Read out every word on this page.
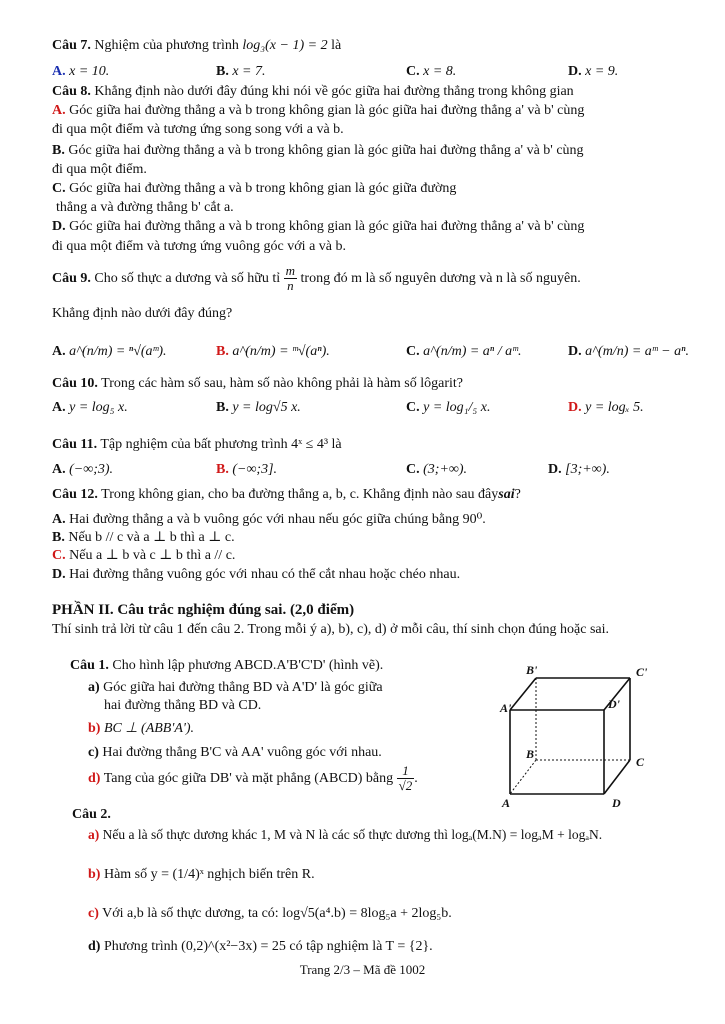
Câu 7. Nghiệm của phương trình log₃(x − 1) = 2 là
A. x = 10.	B. x = 7.	C. x = 8.	D. x = 9.
Câu 8. Khẳng định nào dưới đây đúng khi nói về góc giữa hai đường thẳng trong không gian
A. Góc giữa hai đường thẳng a và b trong không gian là góc giữa hai đường thẳng a' và b' cùng
đi qua một điểm và tương ứng song song với a và b.
B. Góc giữa hai đường thẳng a và b trong không gian là góc giữa hai đường thẳng a' và b' cùng
đi qua một điểm.
C. Góc giữa hai đường thẳng a và b trong không gian là góc giữa đường
thẳng a và đường thẳng b' cắt a.
D. Góc giữa hai đường thẳng a và b trong không gian là góc giữa hai đường thẳng a' và b' cùng
đi qua một điểm và tương ứng vuông góc với a và b.
Câu 9. Cho số thực a dương và số hữu tỉ $\frac{m}{n}$ trong đó m là số nguyên dương và n là số nguyên.
Khẳng định nào dưới đây đúng?
A. a^(n/m) = ⁿ√(aᵐ).	B. a^(n/m) = ᵐ√(aⁿ).	C. a^(n/m) = aⁿ / aᵐ.	D. a^(m/n) = aᵐ − aⁿ.
Câu 10. Trong các hàm số sau, hàm số nào không phải là hàm số lôgarit?
A. y = log₅ x.	B. y = log√5 x.	C. y = log₁/₅ x.	D. y = logₓ 5.
Câu 11. Tập nghiệm của bất phương trình 4ˣ ≤ 4³ là
A. (−∞;3).	B. (−∞;3].	C. (3;+∞).	D. [3;+∞).
Câu 12. Trong không gian, cho ba đường thẳng a, b, c. Khẳng định nào sau đâysai?
A. Hai đường thẳng a và b vuông góc với nhau nếu góc giữa chúng bằng 90⁰.
B. Nếu b // c và a ⊥ b thì a ⊥ c.
C. Nếu a ⊥ b và c ⊥ b thì a // c.
D. Hai đường thẳng vuông góc với nhau có thể cắt nhau hoặc chéo nhau.
PHẦN II. Câu trắc nghiệm đúng sai. (2,0 điểm)
Thí sinh trả lời từ câu 1 đến câu 2. Trong mỗi ý a), b), c), d) ở mỗi câu, thí sinh chọn đúng hoặc sai.
Câu 1. Cho hình lập phương ABCD.A'B'C'D' (hình vẽ).
a) Góc giữa hai đường thẳng BD và A'D' là góc giữa
hai đường thẳng BD và CD.
b) BC ⊥ (ABB'A').
c) Hai đường thẳng B'C và AA' vuông góc với nhau.
d) Tang của góc giữa DB' và mặt phẳng (ABCD) bằng $\frac{1}{√2}$ .
B'	C'
A'	D'
B
C
A	D
Câu 2.
a) Nếu a là số thực dương khác 1, M và N là các số thực dương thì logₐ(M.N) = logₐM + logₐN.
b) Hàm số y = (1/4)ˣ nghịch biến trên R.
c) Với a,b là số thực dương, ta có: log√5(a⁴.b) = 8log₅a + 2log₅b.
d) Phương trình (0,2)^(x²−3x) = 25 có tập nghiệm là T = {2}.
Trang 2/3 – Mã đề 1002
